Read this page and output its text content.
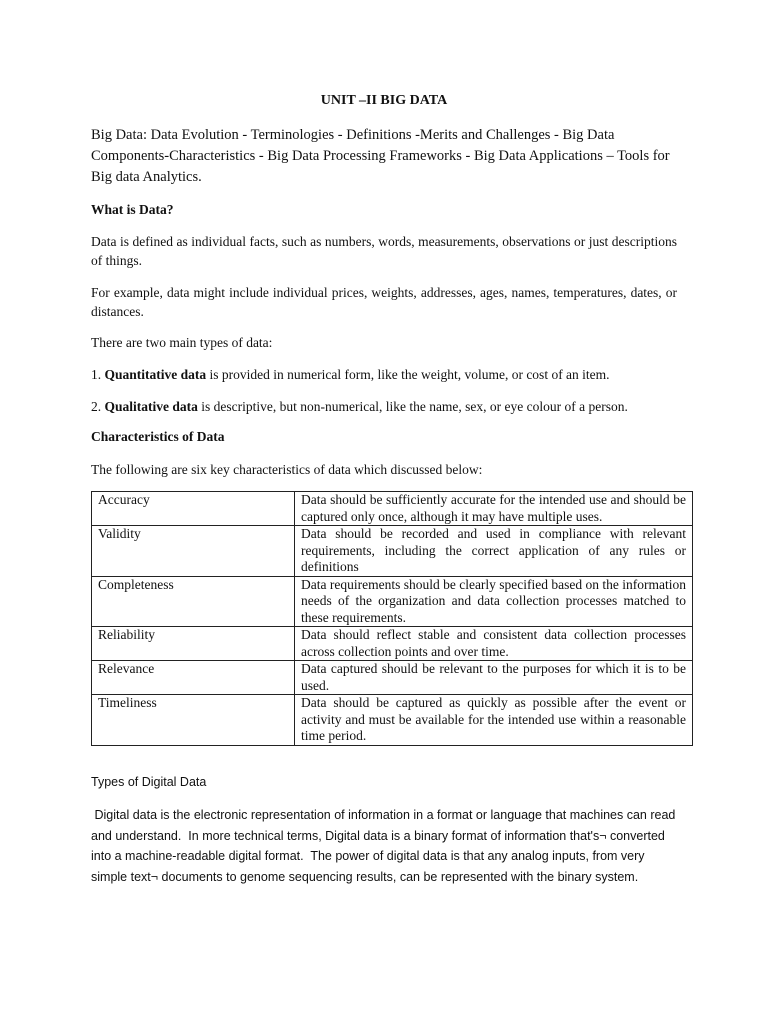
UNIT –II BIG DATA
Big Data: Data Evolution - Terminologies - Definitions -Merits and Challenges - Big Data Components-Characteristics - Big Data Processing Frameworks - Big Data Applications – Tools for Big data Analytics.
What is Data?
Data is defined as individual facts, such as numbers, words, measurements, observations or just descriptions of things.
For example, data might include individual prices, weights, addresses, ages, names, temperatures, dates, or distances.
There are two main types of data:
1. Quantitative data is provided in numerical form, like the weight, volume, or cost of an item.
2. Qualitative data is descriptive, but non-numerical, like the name, sex, or eye colour of a person.
Characteristics of Data
The following are six key characteristics of data which discussed below:
Accuracy	Data should be sufficiently accurate for the intended use and should be captured only once, although it may have multiple uses.
Validity	Data should be recorded and used in compliance with relevant requirements, including the correct application of any rules or definitions
Completeness	Data requirements should be clearly specified based on the information needs of the organization and data collection processes matched to these requirements.
Reliability	Data should reflect stable and consistent data collection processes across collection points and over time.
Relevance	Data captured should be relevant to the purposes for which it is to be used.
Timeliness	Data should be captured as quickly as possible after the event or activity and must be available for the intended use within a reasonable time period.
Types of Digital Data
Digital data is the electronic representation of information in a format or language that machines can read and understand.  In more technical terms, Digital data is a binary format of information that's¬ converted into a machine-readable digital format.  The power of digital data is that any analog inputs, from very simple text¬ documents to genome sequencing results, can be represented with the binary system.
